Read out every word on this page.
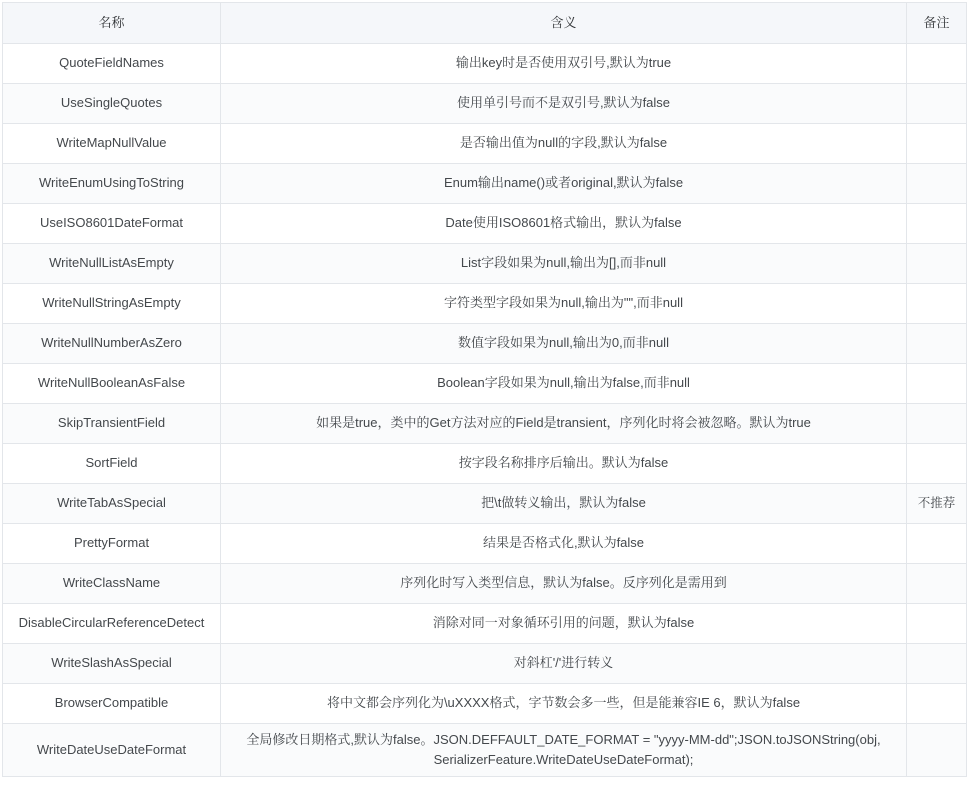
名称	含义	备注
QuoteFieldNames	输出key时是否使用双引号,默认为true	
UseSingleQuotes	使用单引号而不是双引号,默认为false	
WriteMapNullValue	是否输出值为null的字段,默认为false	
WriteEnumUsingToString	Enum输出name()或者original,默认为false	
UseISO8601DateFormat	Date使用ISO8601格式输出，默认为false	
WriteNullListAsEmpty	List字段如果为null,输出为[],而非null	
WriteNullStringAsEmpty	字符类型字段如果为null,输出为"",而非null	
WriteNullNumberAsZero	数值字段如果为null,输出为0,而非null	
WriteNullBooleanAsFalse	Boolean字段如果为null,输出为false,而非null	
SkipTransientField	如果是true，类中的Get方法对应的Field是transient，序列化时将会被忽略。默认为true	
SortField	按字段名称排序后输出。默认为false	
WriteTabAsSpecial	把\t做转义输出，默认为false	不推荐
PrettyFormat	结果是否格式化,默认为false	
WriteClassName	序列化时写入类型信息，默认为false。反序列化是需用到	
DisableCircularReferenceDetect	消除对同一对象循环引用的问题，默认为false	
WriteSlashAsSpecial	对斜杠'/'进行转义	
BrowserCompatible	将中文都会序列化为\uXXXX格式，字节数会多一些，但是能兼容IE 6，默认为false	
WriteDateUseDateFormat	全局修改日期格式,默认为false。JSON.DEFFAULT_DATE_FORMAT = "yyyy-MM-dd";JSON.toJSONString(obj, SerializerFeature.WriteDateUseDateFormat);	
